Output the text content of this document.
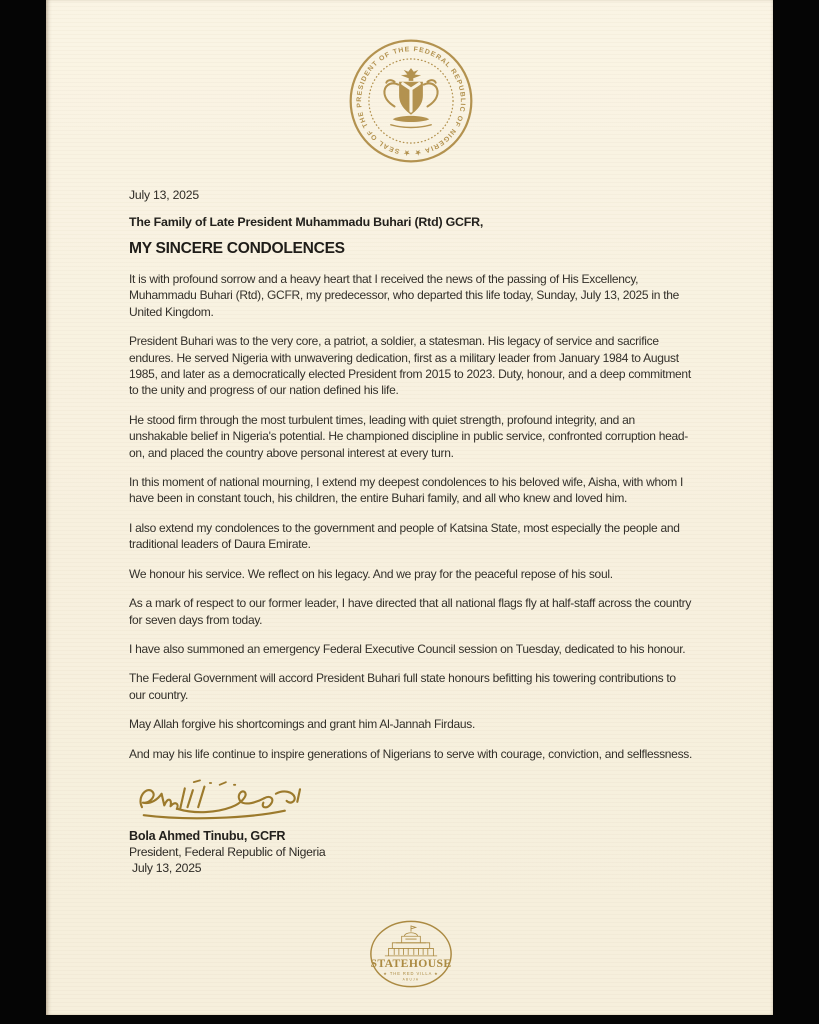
★ SEAL OF THE PRESIDENT OF THE FEDERAL REPUBLIC OF NIGERIA ★
July 13, 2025
The Family of Late President Muhammadu Buhari (Rtd) GCFR,
MY SINCERE CONDOLENCES

It is with profound sorrow and a heavy heart that I received the news of the passing of His Excellency, Muhammadu Buhari (Rtd), GCFR, my predecessor, who departed this life today, Sunday, July 13, 2025 in the United Kingdom.

President Buhari was to the very core, a patriot, a soldier, a statesman. His legacy of service and sacrifice endures. He served Nigeria with unwavering dedication, first as a military leader from January 1984 to August 1985, and later as a democratically elected President from 2015 to 2023. Duty, honour, and a deep commitment to the unity and progress of our nation defined his life.

He stood firm through the most turbulent times, leading with quiet strength, profound integrity, and an unshakable belief in Nigeria's potential. He championed discipline in public service, confronted corruption head-on, and placed the country above personal interest at every turn.

In this moment of national mourning, I extend my deepest condolences to his beloved wife, Aisha, with whom I have been in constant touch, his children, the entire Buhari family, and all who knew and loved him.

I also extend my condolences to the government and people of Katsina State, most especially the people and traditional leaders of Daura Emirate.

We honour his service. We reflect on his legacy. And we pray for the peaceful repose of his soul.

As a mark of respect to our former leader, I have directed that all national flags fly at half-staff across the country for seven days from today.

I have also summoned an emergency Federal Executive Council session on Tuesday, dedicated to his honour.

The Federal Government will accord President Buhari full state honours befitting his towering contributions to our country.

May Allah forgive his shortcomings and grant him Al-Jannah Firdaus.

And may his life continue to inspire generations of Nigerians to serve with courage, conviction, and selflessness.

Bola Ahmed Tinubu, GCFR
President, Federal Republic of Nigeria
July 13, 2025
STATEHOUSE
★ THE RED VILLA ★
ABUJA
